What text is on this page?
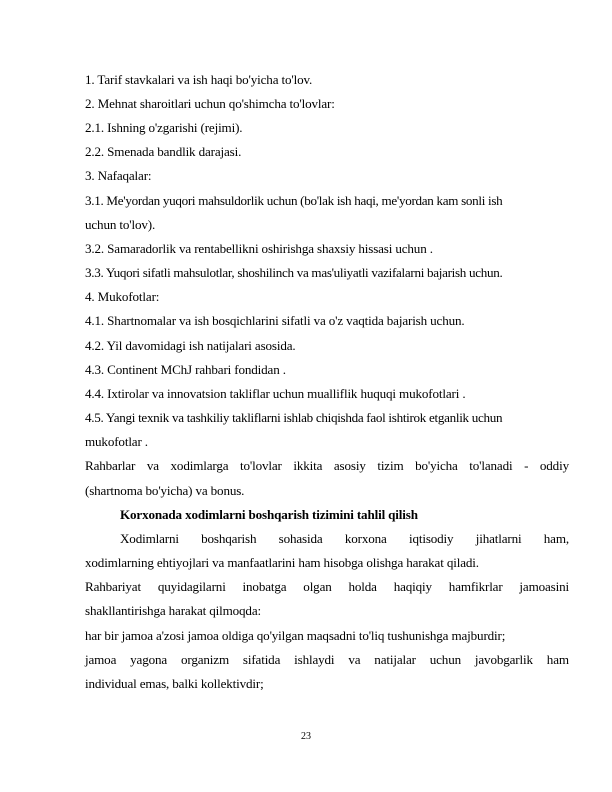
1. Tarif stavkalari va ish haqi bo'yicha to'lov.
2. Mehnat sharoitlari uchun qo'shimcha to'lovlar:
2.1. Ishning o'zgarishi (rejimi).
2.2. Smenada bandlik darajasi.
3. Nafaqalar:
3.1. Me'yordan yuqori mahsuldorlik uchun (bo'lak ish haqi, me'yordan kam sonli ish
uchun to'lov).
3.2. Samaradorlik va rentabellikni oshirishga shaxsiy hissasi uchun .
3.3. Yuqori sifatli mahsulotlar, shoshilinch va mas'uliyatli vazifalarni bajarish uchun.
4. Mukofotlar:
4.1. Shartnomalar va ish bosqichlarini sifatli va o'z vaqtida bajarish uchun.
4.2. Yil davomidagi ish natijalari asosida.
4.3. Continent MChJ rahbari fondidan .
4.4. Ixtirolar va innovatsion takliflar uchun mualliflik huquqi mukofotlari .
4.5. Yangi texnik va tashkiliy takliflarni ishlab chiqishda faol ishtirok etganlik uchun
mukofotlar .
Rahbarlar va xodimlarga to'lovlar ikkita asosiy tizim bo'yicha to'lanadi - oddiy
(shartnoma bo'yicha) va bonus.
Korxonada xodimlarni boshqarish tizimini tahlil qilish
Xodimlarni boshqarish sohasida korxona iqtisodiy jihatlarni ham,
xodimlarning ehtiyojlari va manfaatlarini ham hisobga olishga harakat qiladi.
Rahbariyat quyidagilarni inobatga olgan holda haqiqiy hamfikrlar jamoasini
shakllantirishga harakat qilmoqda:
har bir jamoa a'zosi jamoa oldiga qo'yilgan maqsadni to'liq tushunishga majburdir;
jamoa yagona organizm sifatida ishlaydi va natijalar uchun javobgarlik ham
individual emas, balki kollektivdir;
23
